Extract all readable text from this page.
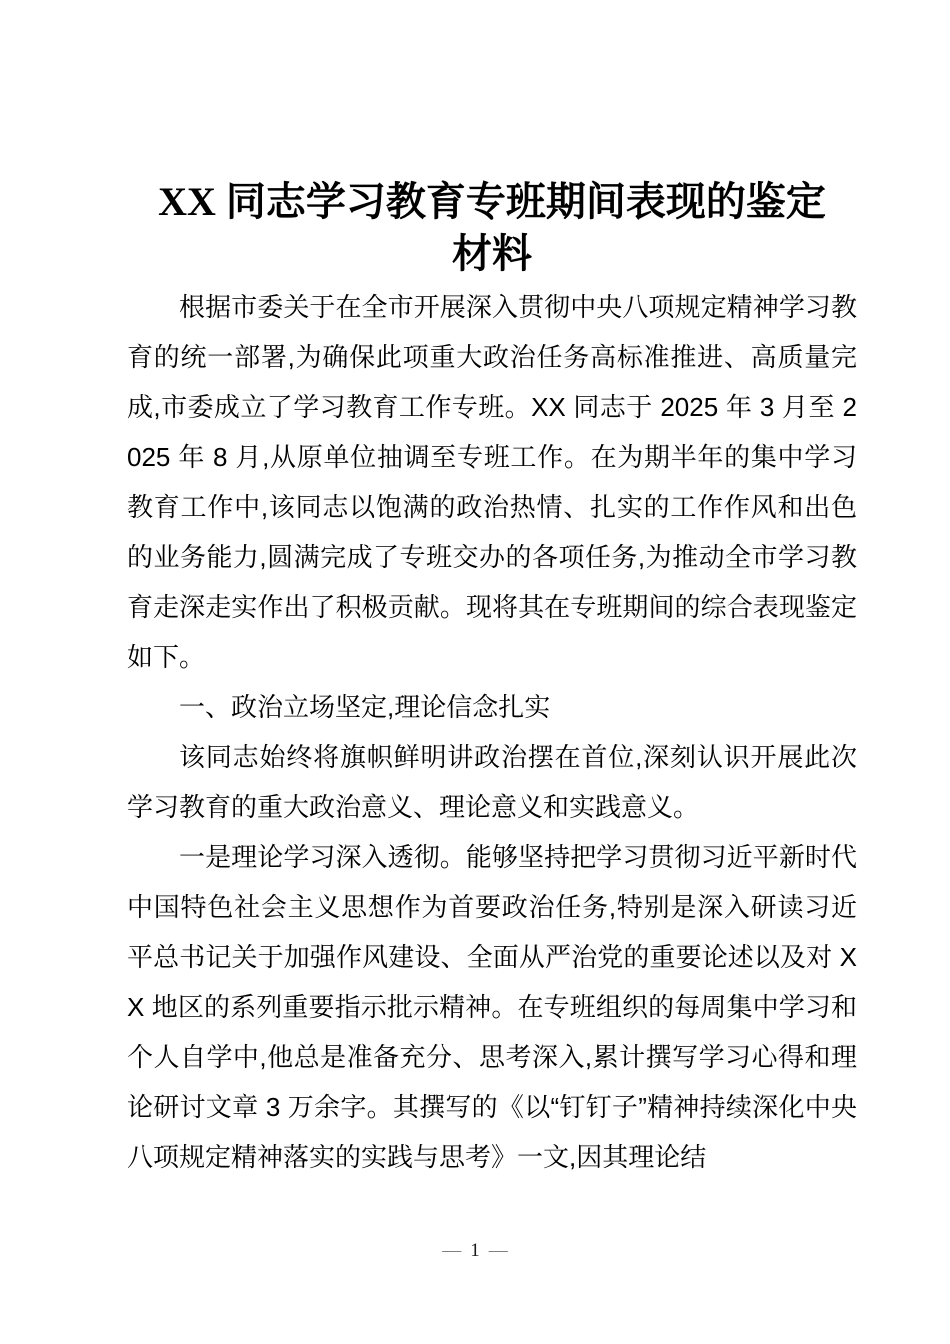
XX 同志学习教育专班期间表现的鉴定
材料

根据市委关于在全市开展深入贯彻中央八项规定精神学习教育的统一部署,为确保此项重大政治任务高标准推进、高质量完成,市委成立了学习教育工作专班。XX 同志于 2025 年 3 月至 2025 年 8 月,从原单位抽调至专班工作。在为期半年的集中学习教育工作中,该同志以饱满的政治热情、扎实的工作作风和出色的业务能力,圆满完成了专班交办的各项任务,为推动全市学习教育走深走实作出了积极贡献。现将其在专班期间的综合表现鉴定如下。

一、政治立场坚定,理论信念扎实

该同志始终将旗帜鲜明讲政治摆在首位,深刻认识开展此次学习教育的重大政治意义、理论意义和实践意义。

一是理论学习深入透彻。能够坚持把学习贯彻习近平新时代中国特色社会主义思想作为首要政治任务,特别是深入研读习近平总书记关于加强作风建设、全面从严治党的重要论述以及对 XX 地区的系列重要指示批示精神。在专班组织的每周集中学习和个人自学中,他总是准备充分、思考深入,累计撰写学习心得和理论研讨文章 3 万余字。其撰写的《以“钉钉子”精神持续深化中央八项规定精神落实的实践与思考》一文,因其理论结

— 1 —
